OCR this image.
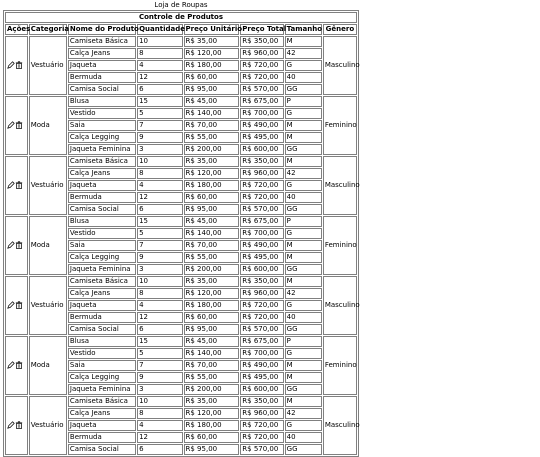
Loja de Roupas
Controle de Produtos							
Ações	Categoria	Nome do Produto	Quantidade	Preço Unitário	Preço Total	Tamanho	Gênero

	Vestuário	Camiseta Básica	10	R$ 35,00	R$ 350,00	M	Masculino
		Calça Jeans	8	R$ 120,00	R$ 960,00	42	
		Jaqueta	4	R$ 180,00	R$ 720,00	G	
		Bermuda	12	R$ 60,00	R$ 720,00	40	
		Camisa Social	6	R$ 95,00	R$ 570,00	GG	

	Moda	Blusa	15	R$ 45,00	R$ 675,00	P	Feminino
		Vestido	5	R$ 140,00	R$ 700,00	G	
		Saia	7	R$ 70,00	R$ 490,00	M	
		Calça Legging	9	R$ 55,00	R$ 495,00	M	
		Jaqueta Feminina	3	R$ 200,00	R$ 600,00	GG	

	Vestuário	Camiseta Básica	10	R$ 35,00	R$ 350,00	M	Masculino
		Calça Jeans	8	R$ 120,00	R$ 960,00	42	
		Jaqueta	4	R$ 180,00	R$ 720,00	G	
		Bermuda	12	R$ 60,00	R$ 720,00	40	
		Camisa Social	6	R$ 95,00	R$ 570,00	GG	

	Moda	Blusa	15	R$ 45,00	R$ 675,00	P	Feminino
		Vestido	5	R$ 140,00	R$ 700,00	G	
		Saia	7	R$ 70,00	R$ 490,00	M	
		Calça Legging	9	R$ 55,00	R$ 495,00	M	
		Jaqueta Feminina	3	R$ 200,00	R$ 600,00	GG	

	Vestuário	Camiseta Básica	10	R$ 35,00	R$ 350,00	M	Masculino
		Calça Jeans	8	R$ 120,00	R$ 960,00	42	
		Jaqueta	4	R$ 180,00	R$ 720,00	G	
		Bermuda	12	R$ 60,00	R$ 720,00	40	
		Camisa Social	6	R$ 95,00	R$ 570,00	GG	

	Moda	Blusa	15	R$ 45,00	R$ 675,00	P	Feminino
		Vestido	5	R$ 140,00	R$ 700,00	G	
		Saia	7	R$ 70,00	R$ 490,00	M	
		Calça Legging	9	R$ 55,00	R$ 495,00	M	
		Jaqueta Feminina	3	R$ 200,00	R$ 600,00	GG	

	Vestuário	Camiseta Básica	10	R$ 35,00	R$ 350,00	M	Masculino
		Calça Jeans	8	R$ 120,00	R$ 960,00	42	
		Jaqueta	4	R$ 180,00	R$ 720,00	G	
		Bermuda	12	R$ 60,00	R$ 720,00	40	
		Camisa Social	6	R$ 95,00	R$ 570,00	GG	
